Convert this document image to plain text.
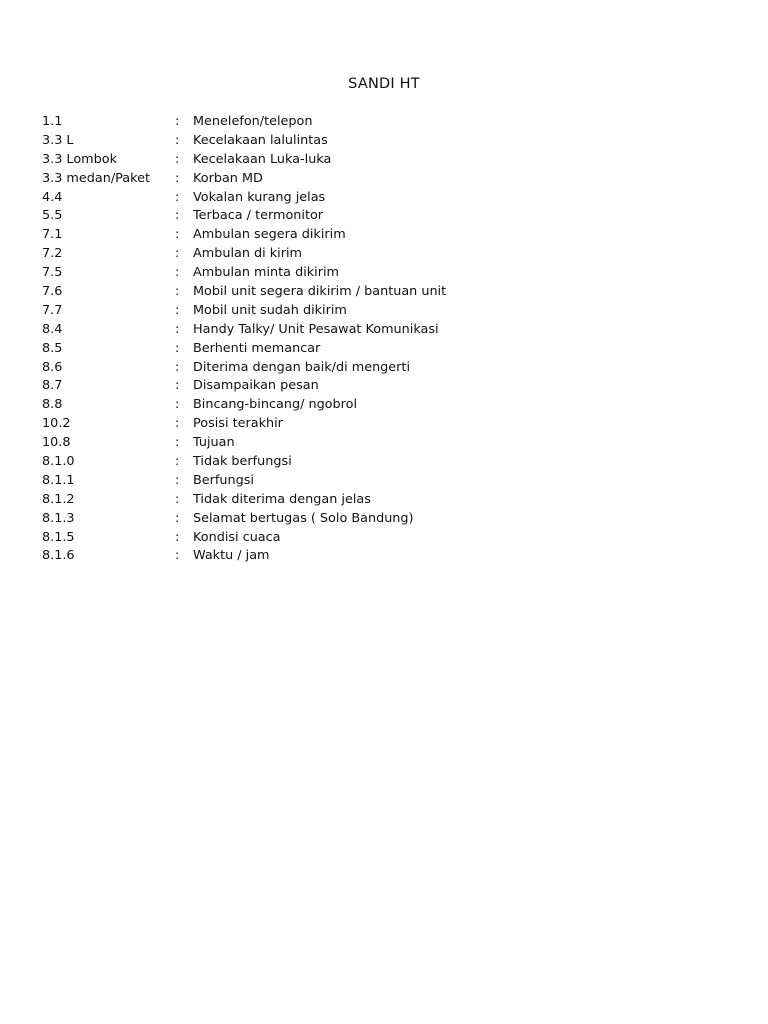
SANDI HT
1.1	: Menelefon/telepon
3.3 L	: Kecelakaan lalulintas
3.3 Lombok	: Kecelakaan Luka-luka
3.3 medan/Paket : Korban MD
4.4	: Vokalan kurang jelas
5.5	: Terbaca / termonitor
7.1	: Ambulan segera dikirim
7.2	: Ambulan di kirim
7.5	: Ambulan minta dikirim
7.6	: Mobil unit segera dikirim / bantuan unit
7.7	: Mobil unit sudah dikirim
8.4	: Handy Talky/ Unit Pesawat Komunikasi
8.5	: Berhenti memancar
8.6	: Diterima dengan baik/di mengerti
8.7	: Disampaikan pesan
8.8	: Bincang-bincang/ ngobrol
10.2	: Posisi terakhir
10.8	: Tujuan
8.1.0	: Tidak berfungsi
8.1.1	: Berfungsi
8.1.2	: Tidak diterima dengan jelas
8.1.3	: Selamat bertugas ( Solo Bandung)
8.1.5	: Kondisi cuaca
8.1.6	: Waktu / jam
